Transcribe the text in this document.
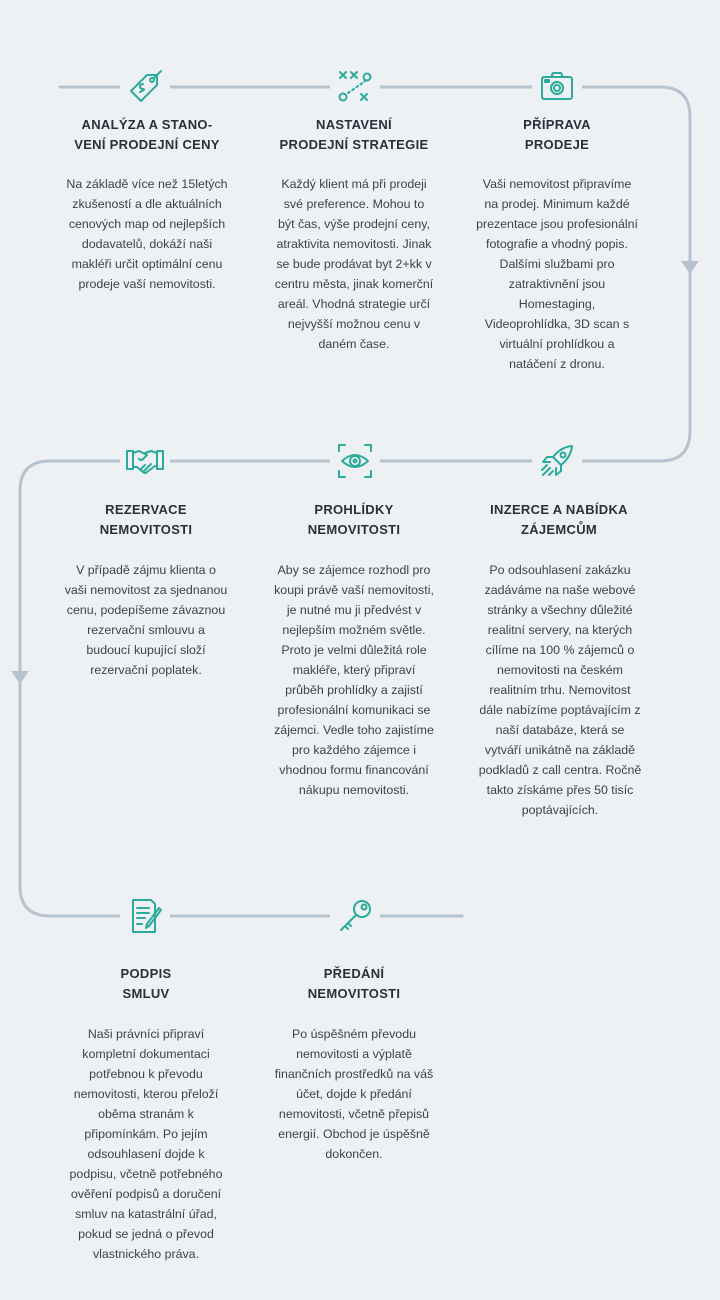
ANALÝZA A STANO-
VENÍ PRODEJNÍ CENY
Na základě více než 15letých zkušeností a dle aktuálních cenových map od nejlepších dodavatelů, dokáží naši makléři určit optimální cenu prodeje vaší nemovitosti.
NASTAVENÍ
PRODEJNÍ STRATEGIE
Každý klient má při prodeji své preference. Mohou to být čas, výše prodejní ceny, atraktivita nemovitosti. Jinak se bude prodávat byt 2+kk v centru města, jinak komerční areál. Vhodná strategie určí nejvyšší možnou cenu v daném čase.
PŘÍPRAVA
PRODEJE
Vaši nemovitost připravíme na prodej. Minimum každé prezentace jsou profesionální fotografie a vhodný popis. Dalšími službami pro zatraktivnění jsou Homestaging, Videoprohlídka, 3D scan s virtuální prohlídkou a natáčení z dronu.
INZERCE A NABÍDKA
ZÁJEMCŮM
Po odsouhlasení zakázku zadáváme na naše webové stránky a všechny důležité realitní servery, na kterých cílíme na 100 % zájemců o nemovitosti na českém realitním trhu. Nemovitost dále nabízíme poptávajícím z naší databáze, která se vytváří unikátně na základě podkladů z call centra. Ročně takto získáme přes 50 tisíc poptávajících.
PROHLÍDKY
NEMOVITOSTI
Aby se zájemce rozhodl pro koupi právě vaší nemovitosti, je nutné mu ji předvést v nejlepším možném světle. Proto je velmi důležitá role makléře, který připraví průběh prohlídky a zajistí profesionální komunikaci se zájemci. Vedle toho zajistíme pro každého zájemce i vhodnou formu financování nákupu nemovitosti.
REZERVACE
NEMOVITOSTI
V případě zájmu klienta o vaši nemovitost za sjednanou cenu, podepíšeme závaznou rezervační smlouvu a budoucí kupující složí rezervační poplatek.
PODPIS
SMLUV
Naši právníci připraví kompletní dokumentaci potřebnou k převodu nemovitosti, kterou přeloží oběma stranám k připomínkám. Po jejím odsouhlasení dojde k podpisu, včetně potřebného ověření podpisů a doručení smluv na katastrální úřad, pokud se jedná o převod vlastnického práva.
PŘEDÁNÍ
NEMOVITOSTI
Po úspěšném převodu nemovitosti a výplatě finančních prostředků na váš účet, dojde k předání nemovitosti, včetně přepisů energií. Obchod je úspěšně dokončen.
